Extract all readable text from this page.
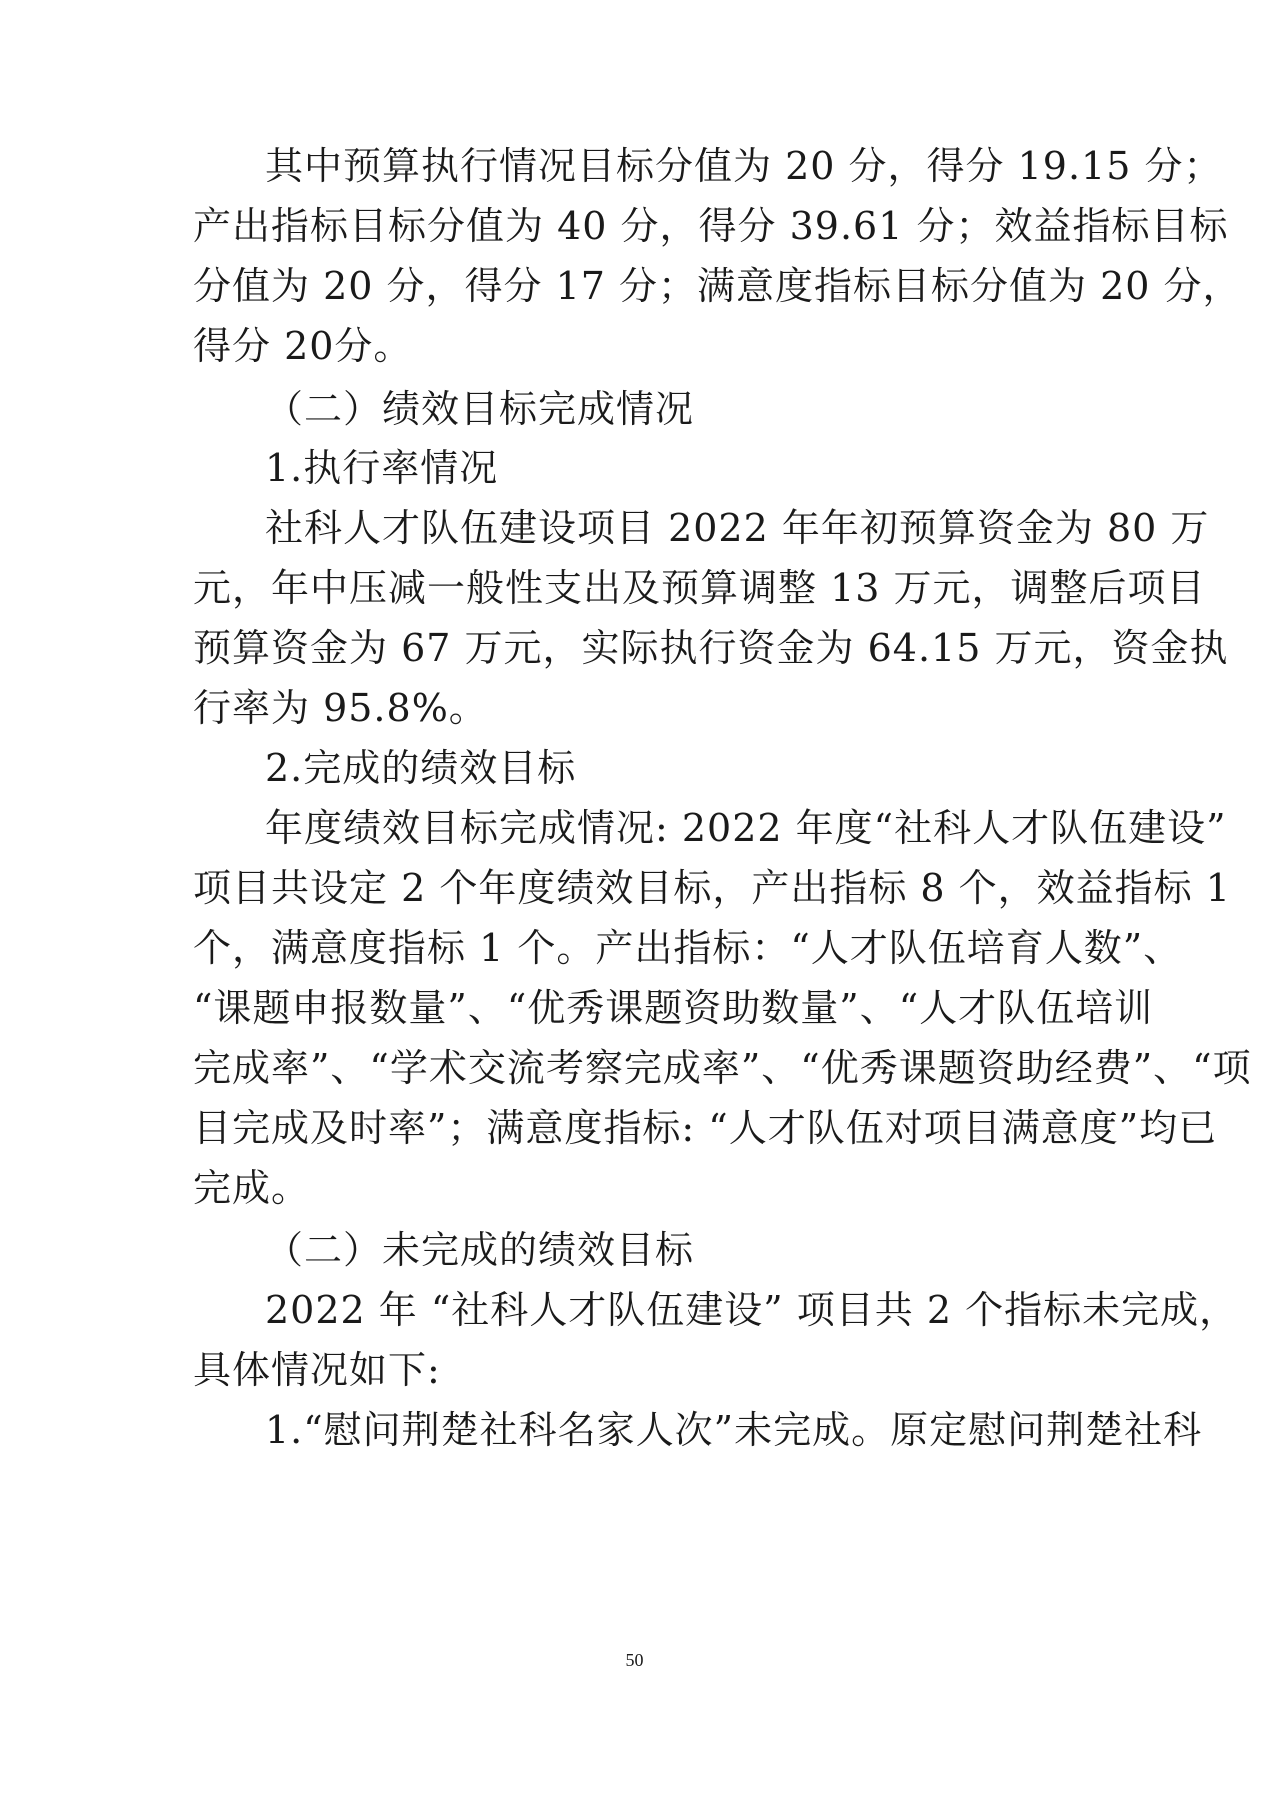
其中预算执行情况目标分值为 20 分，得分 19.15 分；
产出指标目标分值为 40 分，得分 39.61 分；效益指标目标
分值为 20 分，得分 17 分；满意度指标目标分值为 20 分，
得分 20分。
（二）绩效目标完成情况
1.执行率情况
社科人才队伍建设项目 2022 年年初预算资金为 80 万
元，年中压减一般性支出及预算调整 13 万元，调整后项目
预算资金为 67 万元，实际执行资金为 64.15 万元，资金执
行率为 95.8%。
2.完成的绩效目标
年度绩效目标完成情况: 2022 年度“社科人才队伍建设”
项目共设定 2 个年度绩效目标，产出指标 8 个，效益指标 1
个，满意度指标 1 个。产出指标：“人才队伍培育人数”、
“课题申报数量”、“优秀课题资助数量”、“人才队伍培训
完成率”、“学术交流考察完成率”、“优秀课题资助经费”、“项
目完成及时率”；满意度指标: “人才队伍对项目满意度”均已
完成。
（二）未完成的绩效目标
2022 年 “社科人才队伍建设” 项目共 2 个指标未完成，
具体情况如下:
1.“慰问荆楚社科名家人次”未完成。原定慰问荆楚社科
50
